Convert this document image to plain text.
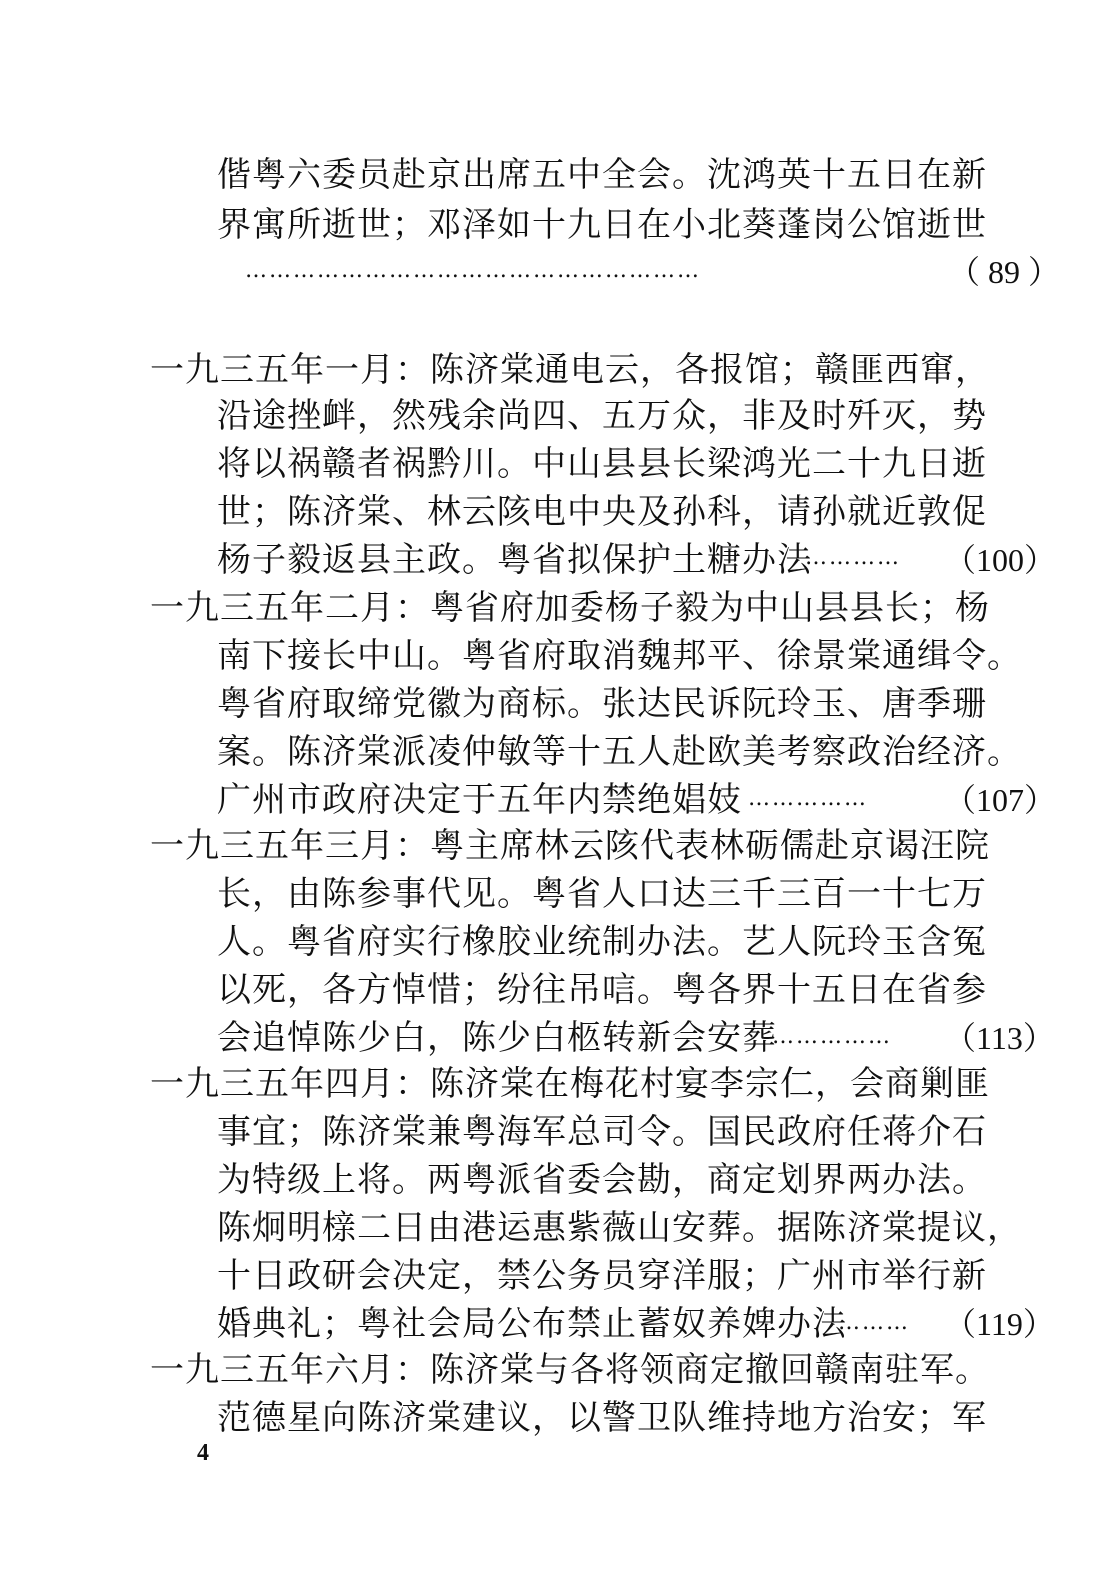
偕粤六委员赴京出席五中全会。沈鸿英十五日在新
界寓所逝世；邓泽如十九日在小北葵蓬岗公馆逝世
…………………………………………………	（ 89 ）
一九三五年一月：陈济棠通电云，各报馆；赣匪西窜，
沿途挫衅，然残余尚四、五万众，非及时歼灭，势
将以祸赣者祸黔川。中山县县长梁鸿光二十九日逝
世；陈济棠、林云陔电中央及孙科，请孙就近敦促
杨子毅返县主政。粤省拟保护土糖办法
………… （100）
一九三五年二月：粤省府加委杨子毅为中山县县长；杨
南下接长中山。粤省府取消魏邦平、徐景棠通缉令。
粤省府取缔党徽为商标。张达民诉阮玲玉、唐季珊
案。陈济棠派凌仲敏等十五人赴欧美考察政治经济。
广州市政府决定于五年内禁绝娼妓 …………… （107）
一九三五年三月：粤主席林云陔代表林砺儒赴京谒汪院
长，由陈参事代见。粤省人口达三千三百一十七万
人。粤省府实行橡胶业统制办法。艺人阮玲玉含冤
以死，各方悼惜；纷往吊唁。粤各界十五日在省参
会追悼陈少白，陈少白柩转新会安葬
…………… （113）
一九三五年四月：陈济棠在梅花村宴李宗仁，会商剿匪
事宜；陈济棠兼粤海军总司令。国民政府任蒋介石
为特级上将。两粤派省委会勘，商定划界两办法。
陈炯明榇二日由港运惠紫薇山安葬。据陈济棠提议，
十日政研会决定，禁公务员穿洋服；广州市举行新
婚典礼；粤社会局公布禁止蓄奴养婢办法
……… （119）
一九三五年六月：陈济棠与各将领商定撤回赣南驻军。
范德星向陈济棠建议，以警卫队维持地方治安；军
4
